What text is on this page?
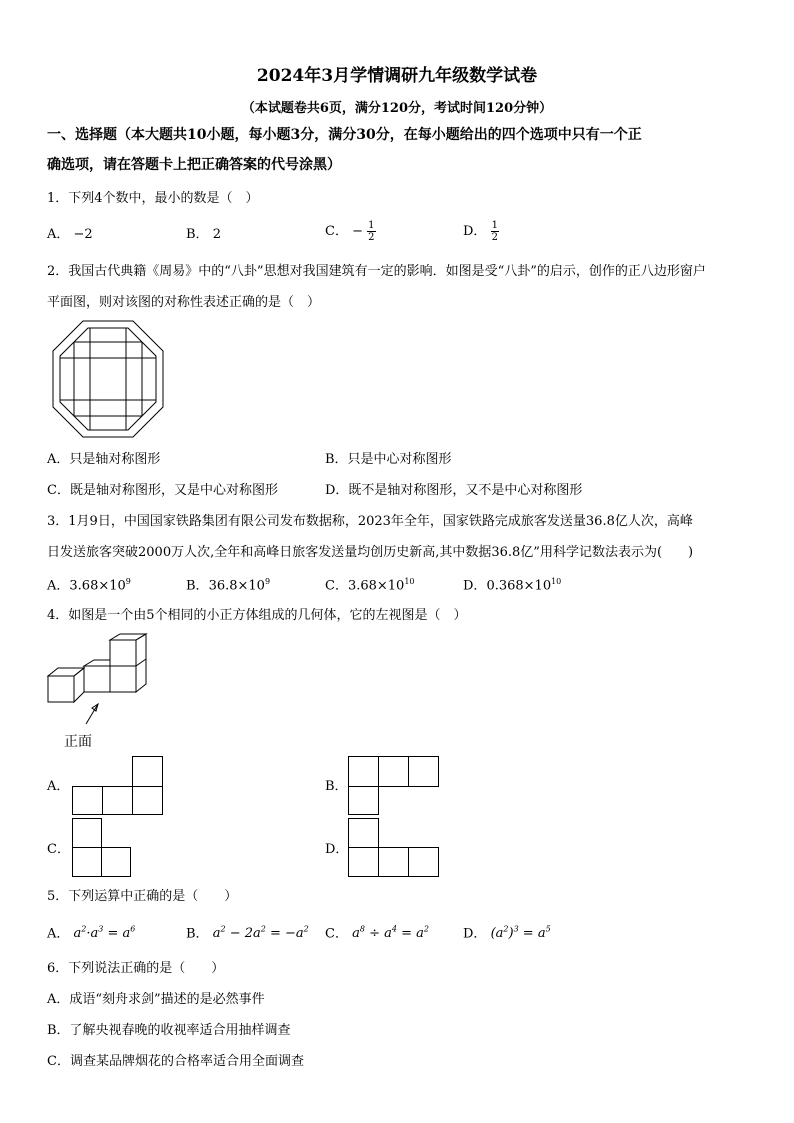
2024年3月学情调研九年级数学试卷
（本试题卷共6页，满分120分，考试时间120分钟）
一、选择题（本大题共10小题，每小题3分，满分30分，在每小题给出的四个选项中只有一个正
确选项，请在答题卡上把正确答案的代号涂黑）
1．下列4个数中，最小的数是（　）
A． −2	B． 2	C． − $\frac{1}{2}$	D． $\frac{1}{2}$
2．我国古代典籍《周易》中的“八卦”思想对我国建筑有一定的影响．如图是受“八卦”的启示，创作的正八边形窗户
平面图，则对该图的对称性表述正确的是（　）
A．只是轴对称图形	B．只是中心对称图形
C．既是轴对称图形，又是中心对称图形	D．既不是轴对称图形，又不是中心对称图形
3．1月9日，中国国家铁路集团有限公司发布数据称，2023年全年，国家铁路完成旅客发送量36.8亿人次，高峰
日发送旅客突破2000万人次,全年和高峰日旅客发送量均创历史新高,其中数据36.8亿”用科学记数法表示为(　　)
A．$3.68\times 10^9$	B．$36.8\times 10^9$	C．$3.68\times 10^{10}$	D．$0.368\times 10^{10}$
4．如图是一个由5个相同的小正方体组成的几何体，它的左视图是（　）
正面
A．	B．
C．	D．
5．下列运算中正确的是（　　）
A． $a^2\cdot a^3 = a^6$	B． $a^2 - 2a^2 = -a^2$ C． $a^8 \div a^4 = a^2$	D． $(a^2)^3 = a^5$
6．下列说法正确的是（　　）
A．成语“刻舟求剑”描述的是必然事件
B．了解央视春晚的收视率适合用抽样调查
C．调查某品牌烟花的合格率适合用全面调查
